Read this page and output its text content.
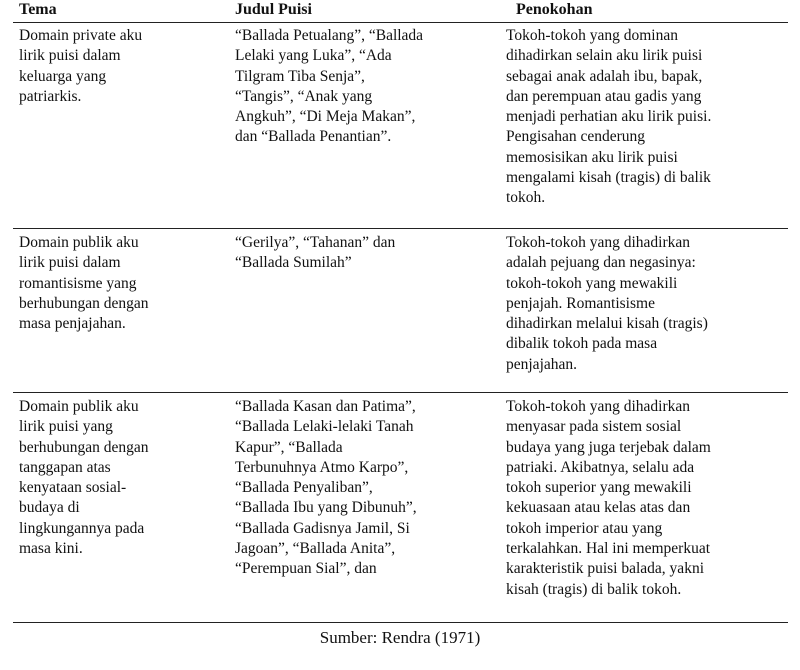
Tema	Judul Puisi	Penokohan
Domain private aku
lirik puisi dalam
keluarga yang
patriarkis.
“Ballada Petualang”, “Ballada
Lelaki yang Luka”, “Ada
Tilgram Tiba Senja”,
“Tangis”, “Anak yang
Angkuh”, “Di Meja Makan”,
dan “Ballada Penantian”.
Tokoh-tokoh yang dominan
dihadirkan selain aku lirik puisi
sebagai anak adalah ibu, bapak,
dan perempuan atau gadis yang
menjadi perhatian aku lirik puisi.
Pengisahan cenderung
memosisikan aku lirik puisi
mengalami kisah (tragis) di balik
tokoh.
Domain publik aku
lirik puisi dalam
romantisisme yang
berhubungan dengan
masa penjajahan.
“Gerilya”, “Tahanan” dan
“Ballada Sumilah”
Tokoh-tokoh yang dihadirkan
adalah pejuang dan negasinya:
tokoh-tokoh yang mewakili
penjajah. Romantisisme
dihadirkan melalui kisah (tragis)
dibalik tokoh pada masa
penjajahan.
Domain publik aku
lirik puisi yang
berhubungan dengan
tanggapan atas
kenyataan sosial-
budaya di
lingkungannya pada
masa kini.
“Ballada Kasan dan Patima”,
“Ballada Lelaki-lelaki Tanah
Kapur”, “Ballada
Terbunuhnya Atmo Karpo”,
“Ballada Penyaliban”,
“Ballada Ibu yang Dibunuh”,
“Ballada Gadisnya Jamil, Si
Jagoan”, “Ballada Anita”,
“Perempuan Sial”, dan
Tokoh-tokoh yang dihadirkan
menyasar pada sistem sosial
budaya yang juga terjebak dalam
patriaki. Akibatnya, selalu ada
tokoh superior yang mewakili
kekuasaan atau kelas atas dan
tokoh imperior atau yang
terkalahkan. Hal ini memperkuat
karakteristik puisi balada, yakni
kisah (tragis) di balik tokoh.
Sumber: Rendra (1971)
